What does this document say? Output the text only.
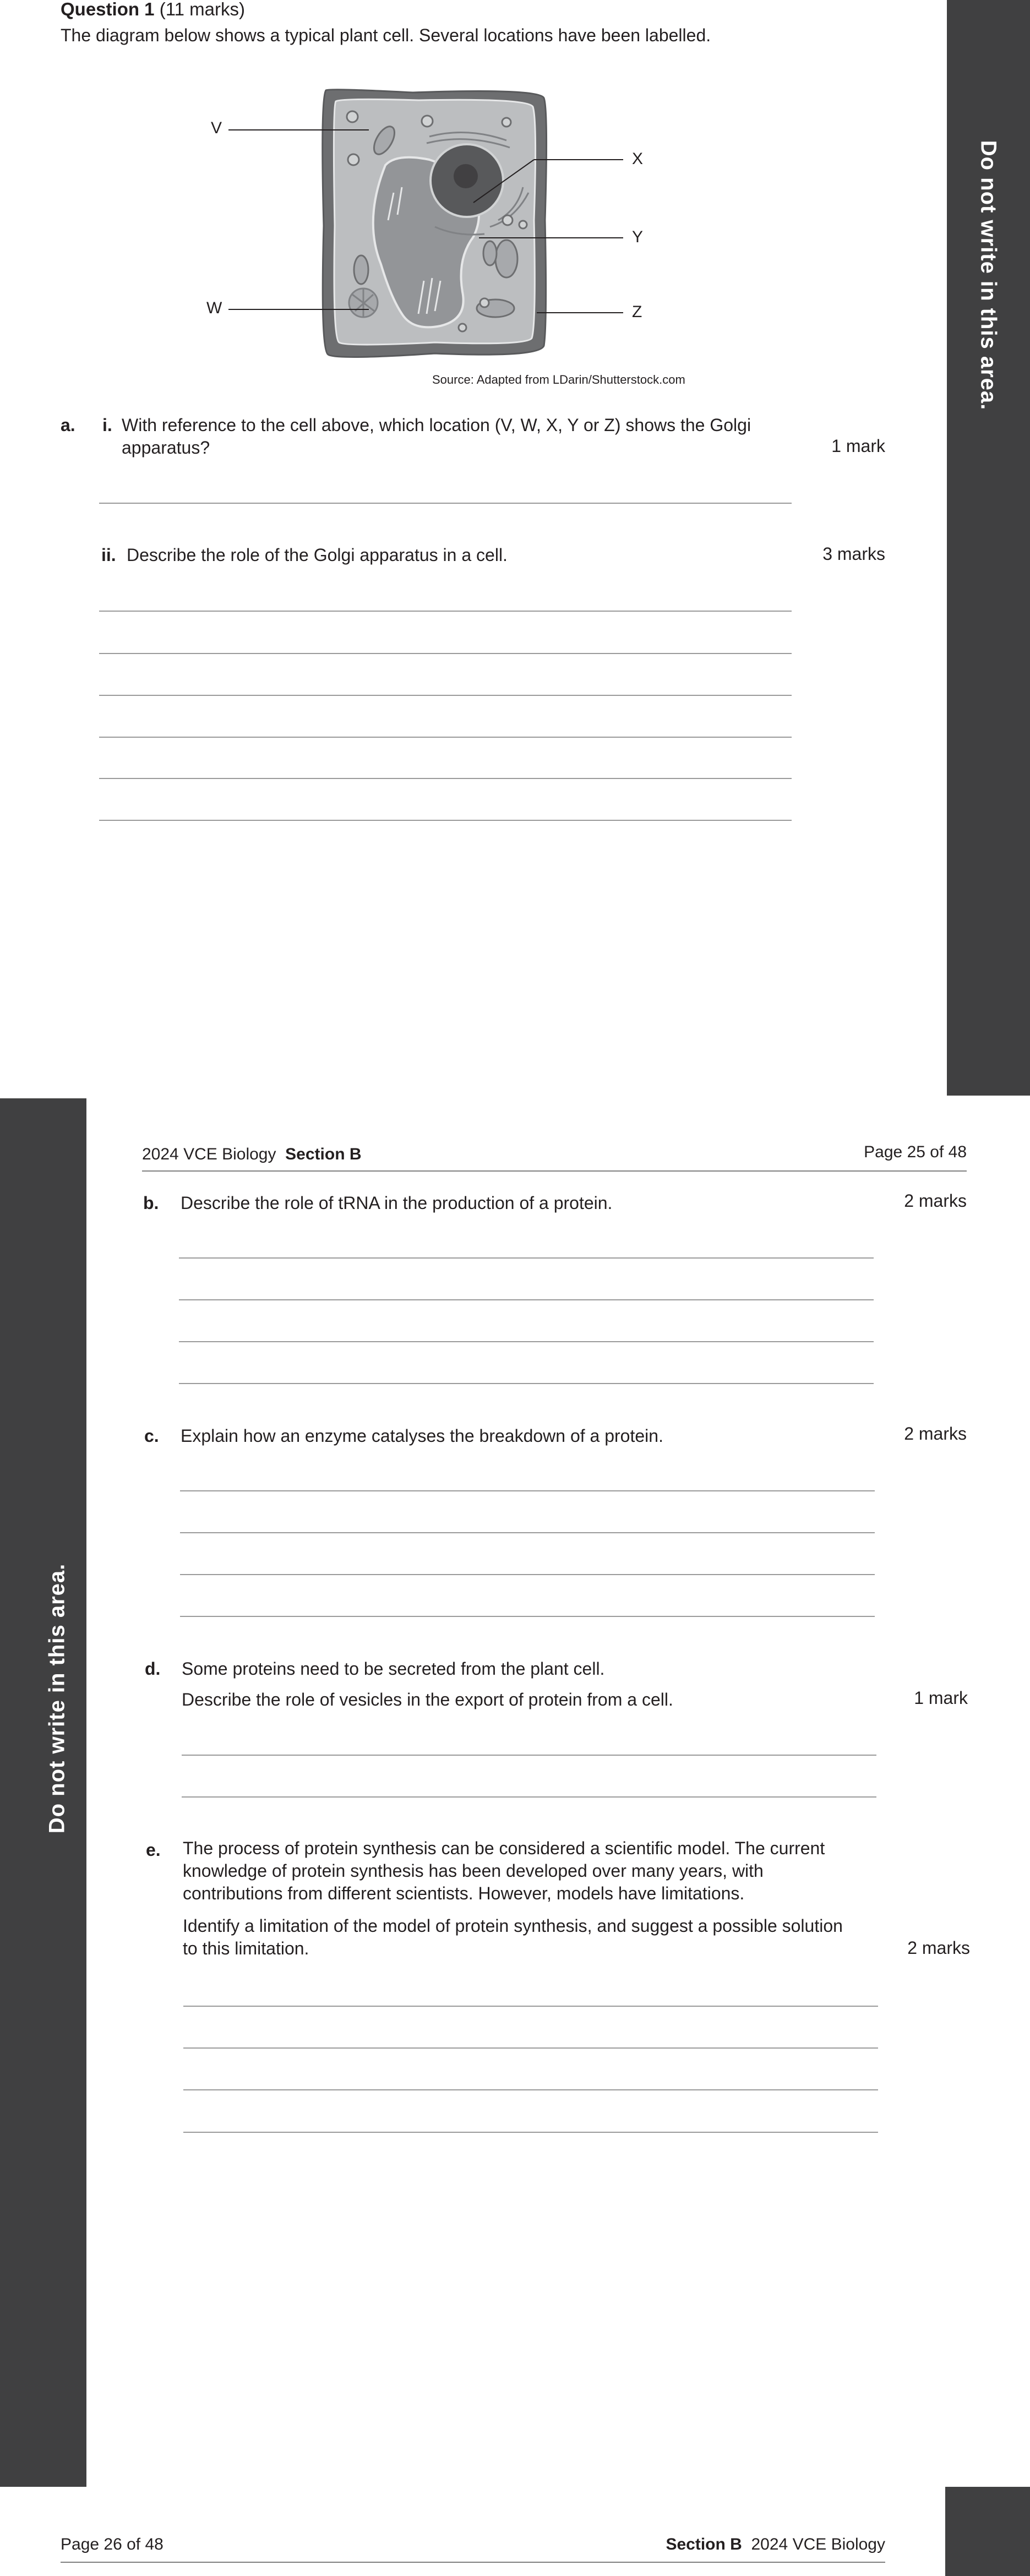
Do not write in this area.
Do not write in this area.
Question 1 (11 marks)
The diagram below shows a typical plant cell. Several locations have been labelled.
V
X
Y
W	Z
Source: Adapted from LDarin/Shutterstock.com
a. i. With reference to the cell above, which location (V, W, X, Y or Z) shows the Golgi
apparatus?	1 mark
ii. Describe the role of the Golgi apparatus in a cell.	3 marks
2024 VCE Biology Section B	Page 25 of 48
b. Describe the role of tRNA in the production of a protein.	2 marks
c. Explain how an enzyme catalyses the breakdown of a protein.	2 marks
d. Some proteins need to be secreted from the plant cell.
Describe the role of vesicles in the export of protein from a cell.	1 mark
e. The process of protein synthesis can be considered a scientific model. The current
knowledge of protein synthesis has been developed over many years, with
contributions from different scientists. However, models have limitations.
Identify a limitation of the model of protein synthesis, and suggest a possible solution
to this limitation.	2 marks
Page 26 of 48	Section B 2024 VCE Biology
